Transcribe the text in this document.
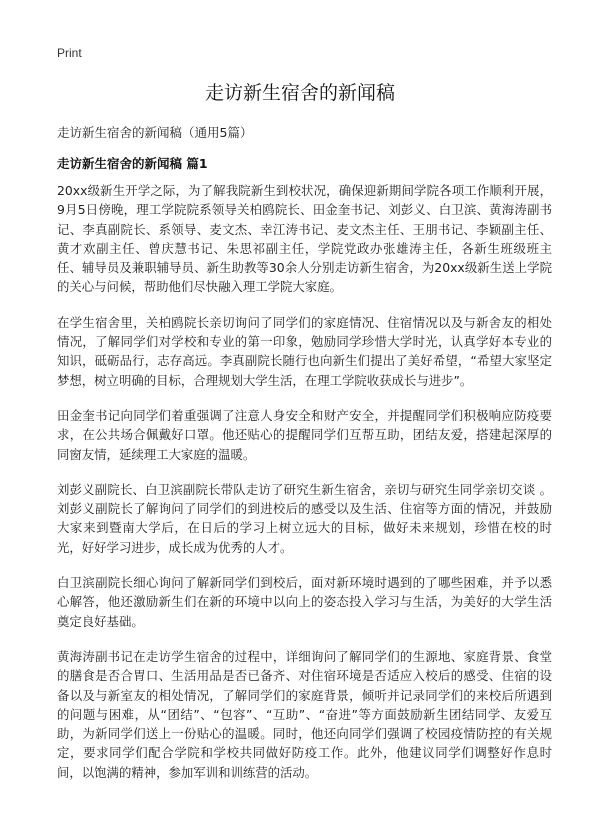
Print
走访新生宿舍的新闻稿
走访新生宿舍的新闻稿（通用5篇）
走访新生宿舍的新闻稿 篇1

20xx级新生开学之际，为了解我院新生到校状况，确保迎新期间学院各项工作顺利开展，9月5日傍晚，理工学院院系领导关柏鸥院长、田金奎书记、刘彭义、白卫滨、黄海涛副书记、李真副院长、系领导、麦文杰、幸江涛书记、麦文杰主任、王朋书记、李颖副主任、黄才欢副主任、曾庆慧书记、朱思祁副主任，学院党政办张雄涛主任，各新生班级班主任、辅导员及兼职辅导员、新生助教等30余人分别走访新生宿舍，为20xx级新生送上学院的关心与问候，帮助他们尽快融入理工学院大家庭。

在学生宿舍里，关柏鸥院长亲切询问了同学们的家庭情况、住宿情况以及与新舍友的相处情况，了解同学们对学校和专业的第一印象，勉励同学珍惜大学时光，认真学好本专业的知识，砥砺品行，志存高远。李真副院长随行也向新生们提出了美好希望，“希望大家坚定梦想，树立明确的目标，合理规划大学生活，在理工学院收获成长与进步”。

田金奎书记向同学们着重强调了注意人身安全和财产安全，并提醒同学们积极响应防疫要求，在公共场合佩戴好口罩。他还贴心的提醒同学们互帮互助，团结友爱，搭建起深厚的同窗友情，延续理工大家庭的温暖。

刘彭义副院长、白卫滨副院长带队走访了研究生新生宿舍，亲切与研究生同学亲切交谈 。刘彭义副院长了解询问了同学们的到进校后的感受以及生活、住宿等方面的情况，并鼓励大家来到暨南大学后，在日后的学习上树立远大的目标，做好未来规划，珍惜在校的时光，好好学习进步，成长成为优秀的人才。

白卫滨副院长细心询问了解新同学们到校后，面对新环境时遇到的了哪些困难，并予以悉心解答，他还激励新生们在新的环境中以向上的姿态投入学习与生活，为美好的大学生活奠定良好基础。

黄海涛副书记在走访学生宿舍的过程中，详细询问了解同学们的生源地、家庭背景、食堂的膳食是否合胃口、生活用品是否已备齐、对住宿环境是否适应入校后的感受、住宿的设备以及与新室友的相处情况，了解同学们的家庭背景，倾听并记录同学们的来校后所遇到的问题与困难，从“团结”、“包容”、“互助”、“奋进”等方面鼓励新生团结同学、友爱互助，为新同学们送上一份贴心的温暖。同时，他还向同学们强调了校园疫情防控的有关规定，要求同学们配合学院和学校共同做好防疫工作。此外，他建议同学们调整好作息时间，以饱满的精神，参加军训和训练营的活动。
